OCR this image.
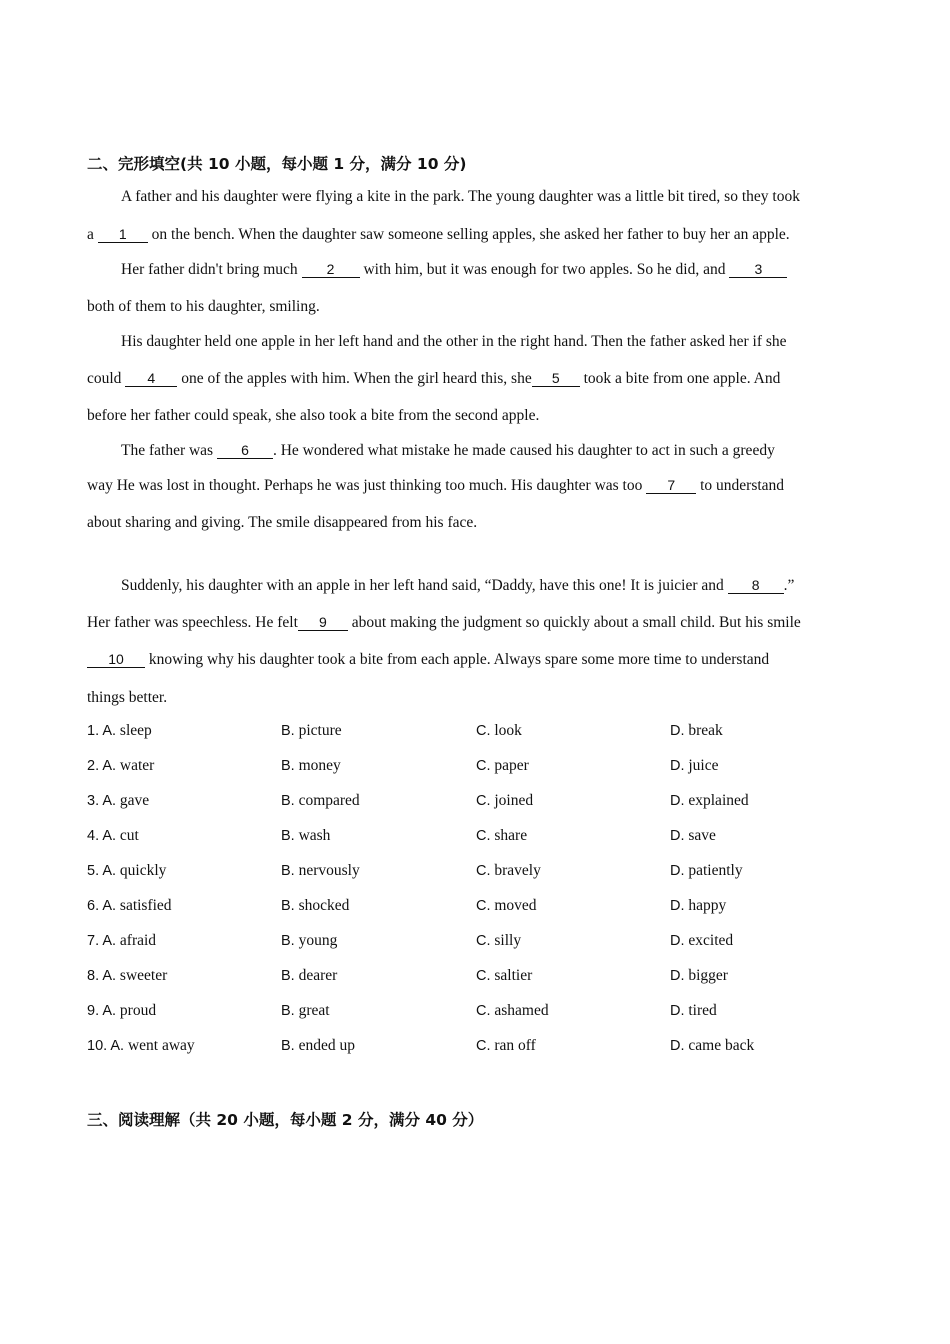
二、完形填空(共 10 小题，每小题 1 分，满分 10 分)
A father and his daughter were flying a kite in the park. The young daughter was a little bit tired, so they took
a 1 on the bench. When the daughter saw someone selling apples, she asked her father to buy her an apple.
Her father didn't bring much 2 with him, but it was enough for two apples. So he did, and 3
both of them to his daughter, smiling.
His daughter held one apple in her left hand and the other in the right hand. Then the father asked her if she
could 4 one of the apples with him. When the girl heard this, she 5 took a bite from one apple. And
before her father could speak, she also took a bite from the second apple.
The father was 6 . He wondered what mistake he made caused his daughter to act in such a greedy
way He was lost in thought. Perhaps he was just thinking too much. His daughter was too 7 to understand
about sharing and giving. The smile disappeared from his face.
Suddenly, his daughter with an apple in her left hand said, “Daddy, have this one! It is juicier and 8 .”
Her father was speechless. He felt 9 about making the judgment so quickly about a small child. But his smile
10 knowing why his daughter took a bite from each apple. Always spare some more time to understand
things better.
1. A. sleep	B. picture	C. look	D. break
2. A. water	B. money	C. paper	D. juice
3. A. gave	B. compared	C. joined	D. explained
4. A. cut	B. wash	C. share	D. save
5. A. quickly	B. nervously	C. bravely	D. patiently
6. A. satisfied	B. shocked	C. moved	D. happy
7. A. afraid	B. young	C. silly	D. excited
8. A. sweeter	B. dearer	C. saltier	D. bigger
9. A. proud	B. great	C. ashamed	D. tired
10. A. went away	B. ended up	C. ran off	D. came back
三、阅读理解（共 20 小题，每小题 2 分，满分 40 分）
